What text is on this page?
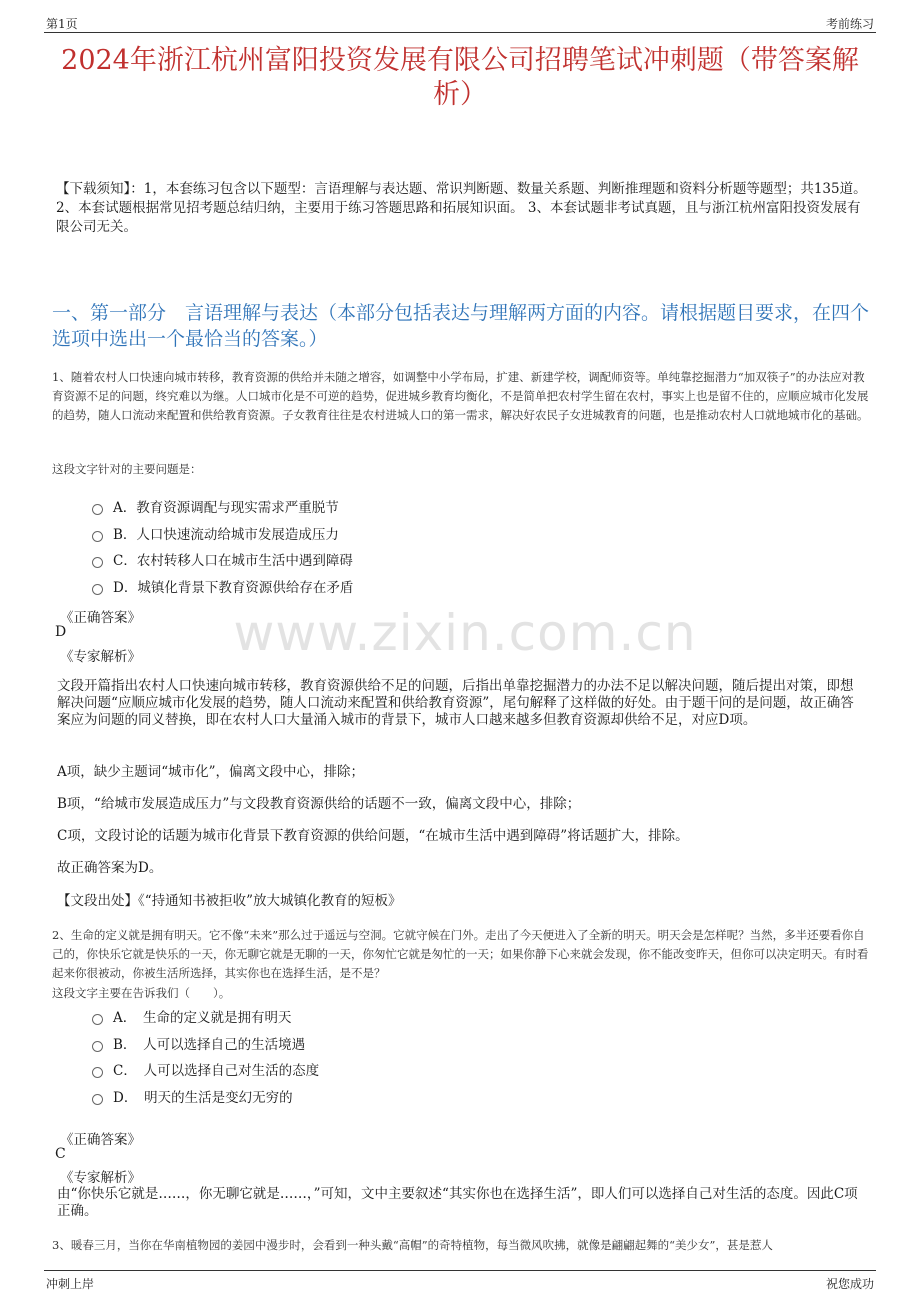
第1页	考前练习
2024年浙江杭州富阳投资发展有限公司招聘笔试冲刺题（带答案解析）
【下载须知】：1，本套练习包含以下题型：言语理解与表达题、常识判断题、数量关系题、判断推理题和资料分析题等题型；共135道。 2、本套试题根据常见招考题总结归纳，主要用于练习答题思路和拓展知识面。 3、本套试题非考试真题，且与浙江杭州富阳投资发展有限公司无关。
一、第一部分　言语理解与表达（本部分包括表达与理解两方面的内容。请根据题目要求，在四个选项中选出一个最恰当的答案。）
1、随着农村人口快速向城市转移，教育资源的供给并未随之增容，如调整中小学布局，扩建、新建学校，调配师资等。单纯靠挖掘潜力“加双筷子”的办法应对教育资源不足的问题，终究难以为继。人口城市化是不可逆的趋势，促进城乡教育均衡化，不是简单把农村学生留在农村，事实上也是留不住的，应顺应城市化发展的趋势，随人口流动来配置和供给教育资源。子女教育往往是农村进城人口的第一需求，解决好农民子女进城教育的问题，也是推动农村人口就地城市化的基础。
这段文字针对的主要问题是：
A．教育资源调配与现实需求严重脱节
B．人口快速流动给城市发展造成压力
C．农村转移人口在城市生活中遇到障碍
D．城镇化背景下教育资源供给存在矛盾
《正确答案》
D
《专家解析》
文段开篇指出农村人口快速向城市转移，教育资源供给不足的问题，后指出单靠挖掘潜力的办法不足以解决问题，随后提出对策，即想解决问题“应顺应城市化发展的趋势，随人口流动来配置和供给教育资源”，尾句解释了这样做的好处。由于题干问的是问题，故正确答案应为问题的同义替换，即在农村人口大量涌入城市的背景下，城市人口越来越多但教育资源却供给不足，对应D项。
A项，缺少主题词“城市化”，偏离文段中心，排除；
B项，“给城市发展造成压力”与文段教育资源供给的话题不一致，偏离文段中心，排除；
C项，文段讨论的话题为城市化背景下教育资源的供给问题，“在城市生活中遇到障碍”将话题扩大，排除。
故正确答案为D。
【文段出处】《“持通知书被拒收”放大城镇化教育的短板》
www.zixin.com.cn
2、生命的定义就是拥有明天。它不像“未来”那么过于遥远与空洞。它就守候在门外。走出了今天便进入了全新的明天。明天会是怎样呢？当然，多半还要看你自己的，你快乐它就是快乐的一天，你无聊它就是无聊的一天，你匆忙它就是匆忙的一天；如果你静下心来就会发现，你不能改变昨天，但你可以决定明天。有时看起来你很被动，你被生活所选择，其实你也在选择生活，是不是？
这段文字主要在告诉我们（　　）。
A．　生命的定义就是拥有明天
B．　人可以选择自己的生活境遇
C．　人可以选择自己对生活的态度
D．　明天的生活是变幻无穷的
《正确答案》
C
《专家解析》
由“你快乐它就是……，你无聊它就是……，”可知，文中主要叙述“其实你也在选择生活”，即人们可以选择自己对生活的态度。因此C项正确。
3、暖春三月，当你在华南植物园的姜园中漫步时，会看到一种头戴“高帽”的奇特植物，每当微风吹拂，就像是翩翩起舞的“美少女”，甚是惹人
冲刺上岸	祝您成功
